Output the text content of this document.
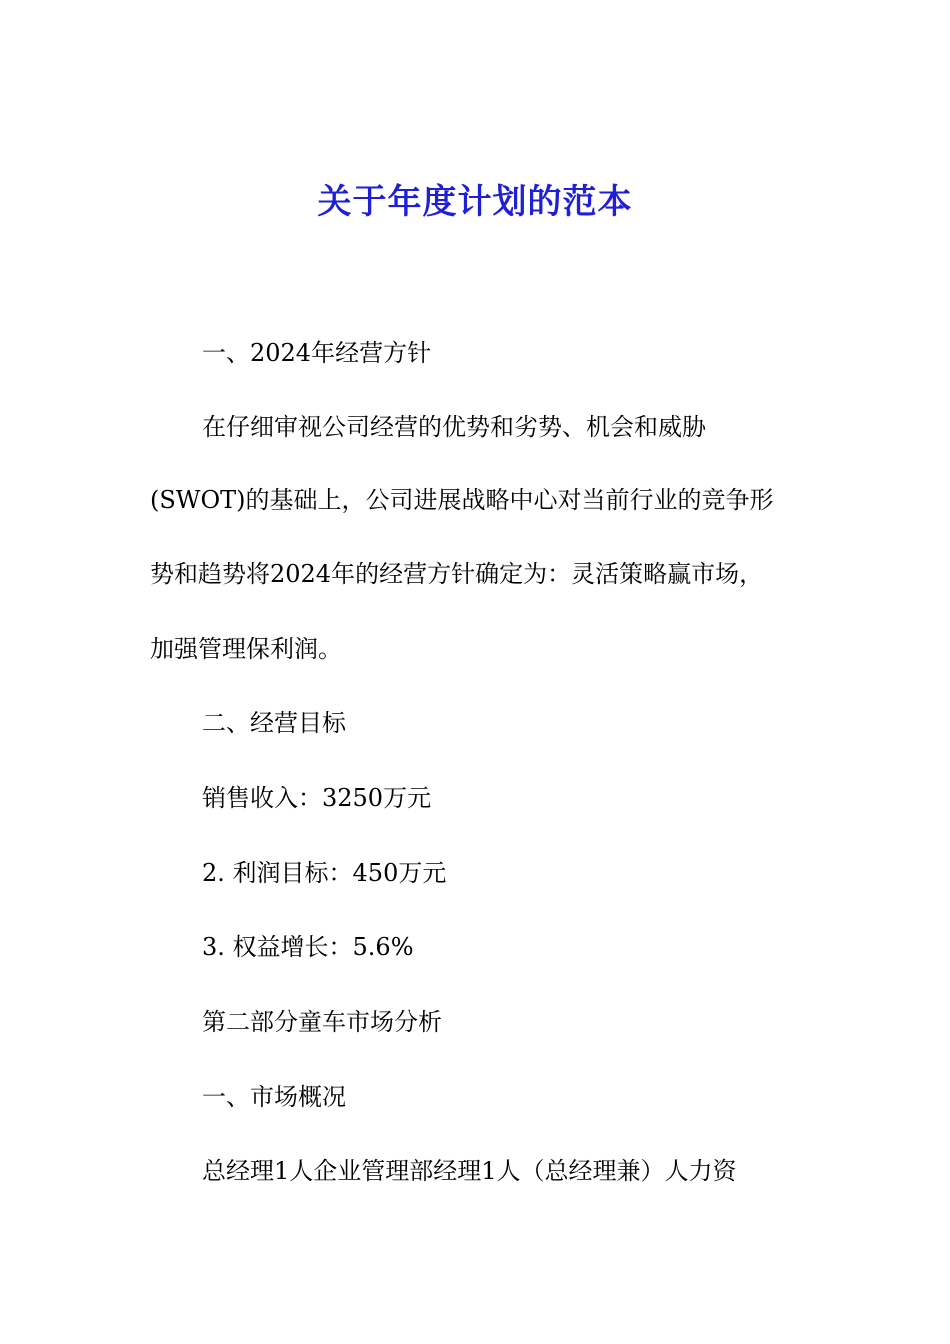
关于年度计划的范本

一、2024年经营方针

在仔细审视公司经营的优势和劣势、机会和威胁

(SWOT)的基础上，公司进展战略中心对当前行业的竞争形

势和趋势将2024年的经营方针确定为：灵活策略赢市场，

加强管理保利润。

二、经营目标

销售收入：3250万元

2. 利润目标：450万元

3. 权益增长：5.6%

第二部分童车市场分析

一、市场概况

总经理1人企业管理部经理1人（总经理兼）人力资
